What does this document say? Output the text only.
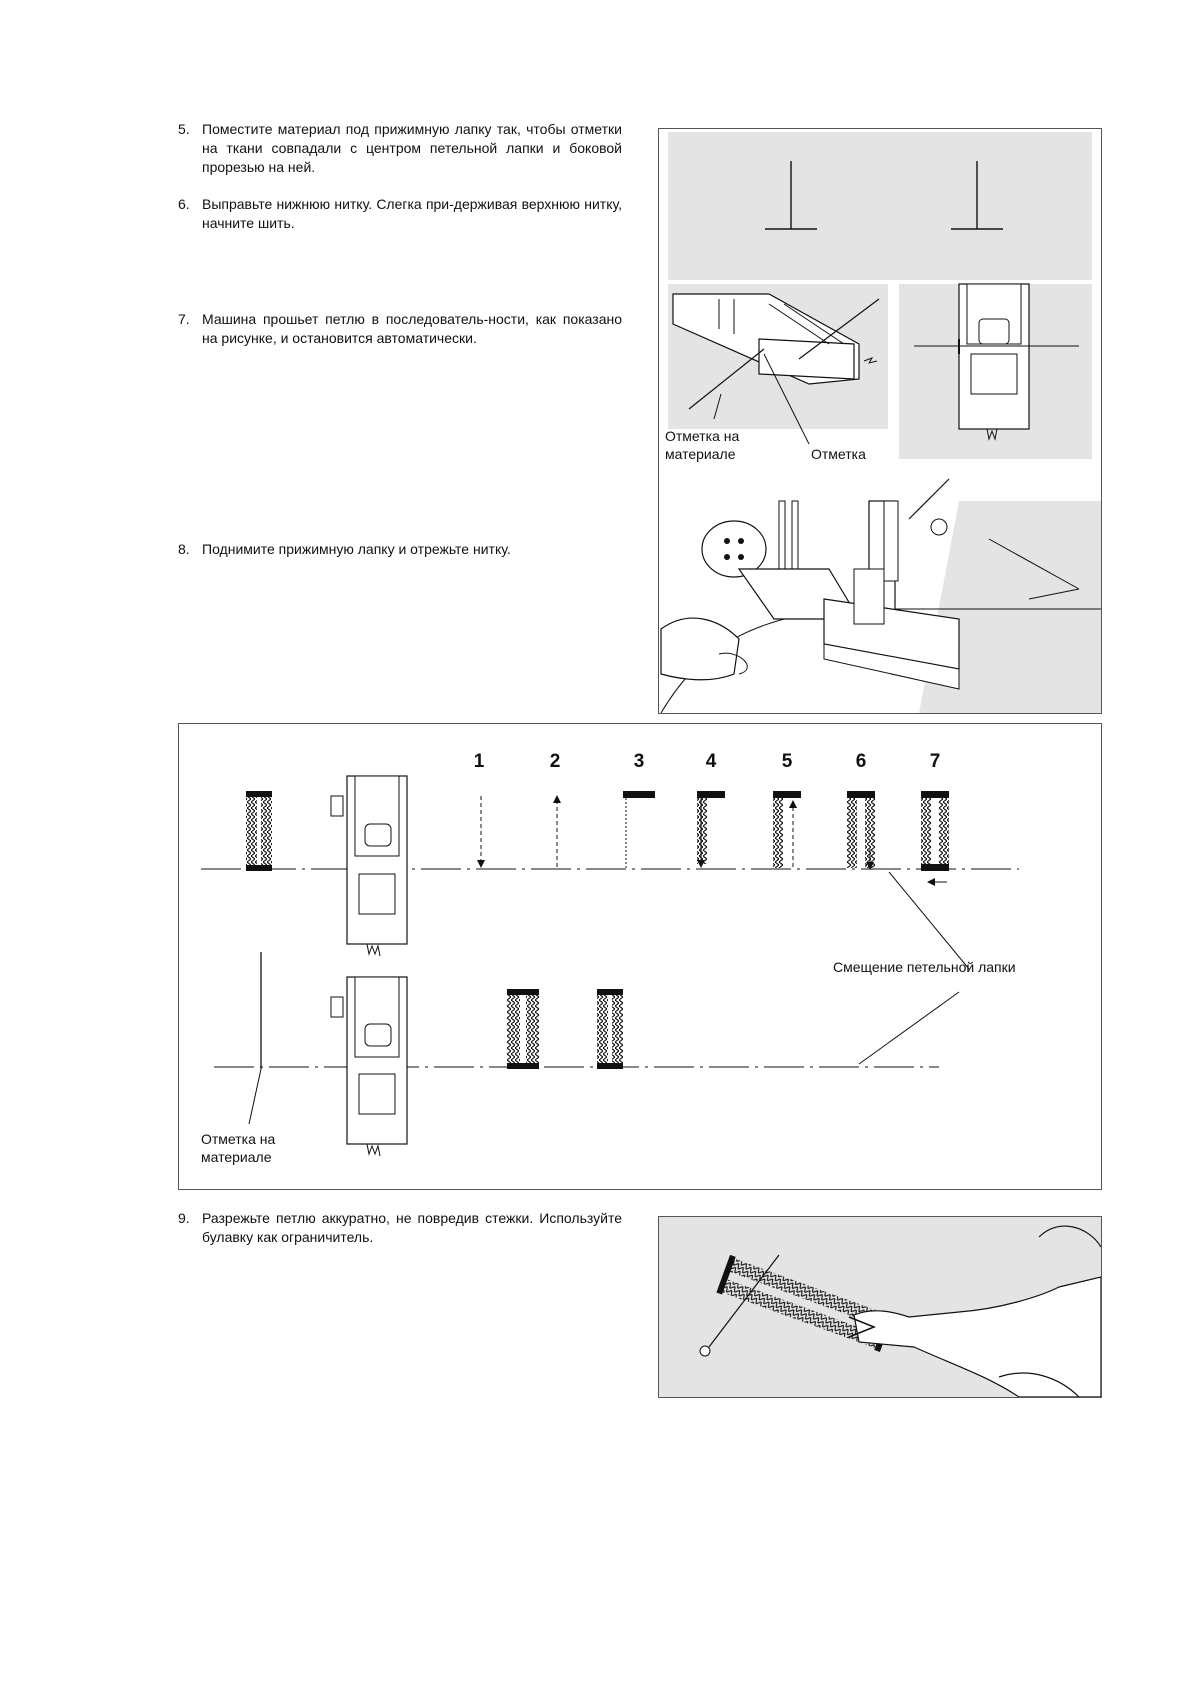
5. Поместите материал под прижимную лапку так, чтобы отметки на ткани совпадали с центром петельной лапки и боковой прорезью на ней.
6. Выправьте нижнюю нитку. Слегка при-держивая верхнюю нитку, начните шить.
7. Машина прошьет петлю в последователь-ности, как показано на рисунке, и остановится автоматически.
8. Поднимите прижимную лапку и отрежьте нитку.
9. Разрежьте петлю аккуратно, не повредив стежки. Используйте булавку как ограничитель.
Отметка на материале	Отметка
1	2	3	4	5	6	7
Смещение петельной лапки
Отметка на материале
